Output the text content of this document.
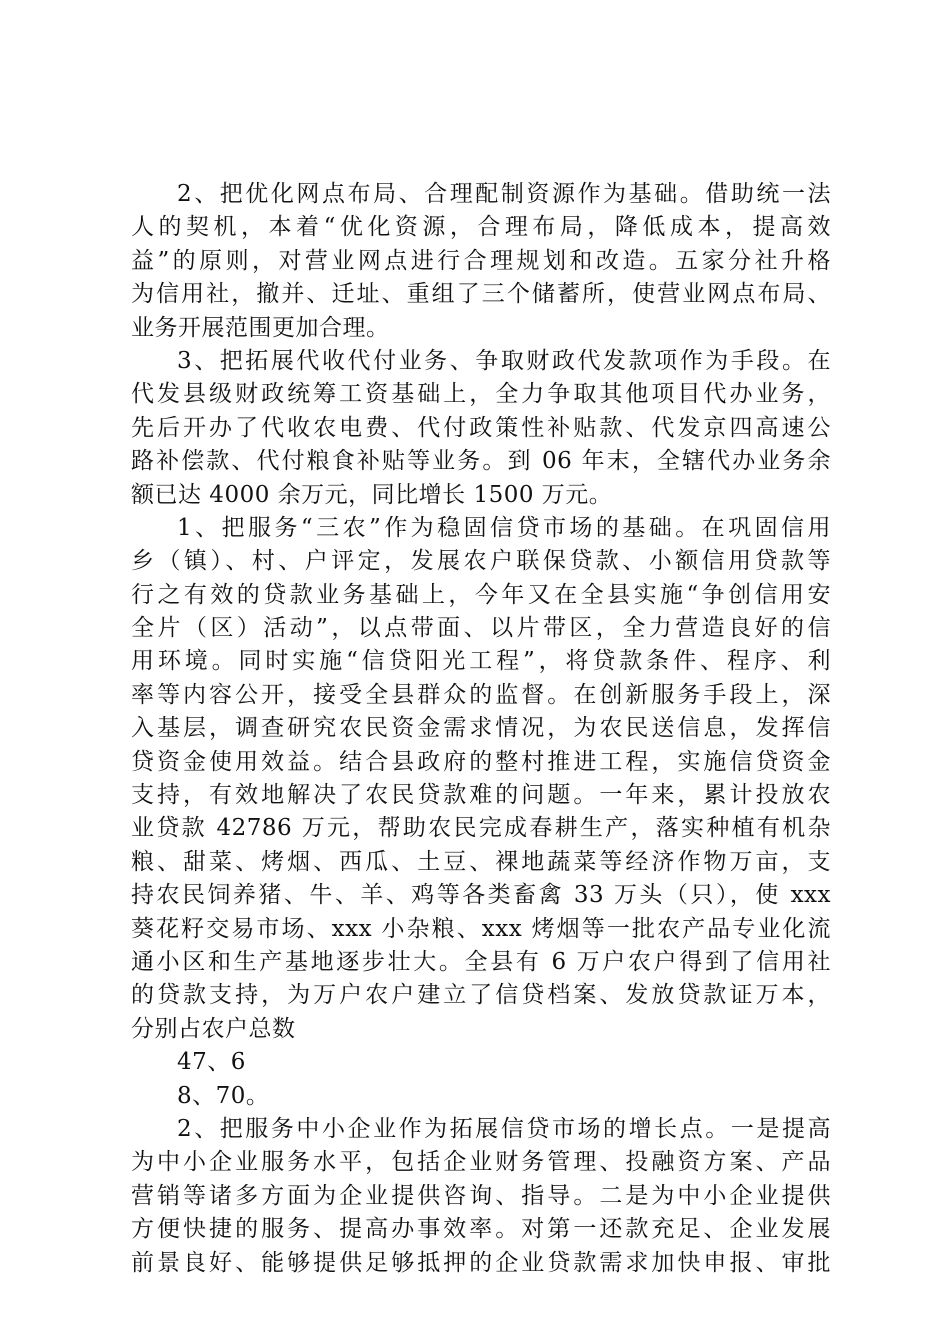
2、把优化网点布局、合理配制资源作为基础。借助统一法
人的契机，本着“优化资源，合理布局，降低成本，提高效
益”的原则，对营业网点进行合理规划和改造。五家分社升格
为信用社，撤并、迁址、重组了三个储蓄所，使营业网点布局、
业务开展范围更加合理。
3、把拓展代收代付业务、争取财政代发款项作为手段。在
代发县级财政统筹工资基础上，全力争取其他项目代办业务，
先后开办了代收农电费、代付政策性补贴款、代发京四高速公
路补偿款、代付粮食补贴等业务。到 06 年末，全辖代办业务余
额已达 4000 余万元，同比增长 1500 万元。
1、把服务“三农”作为稳固信贷市场的基础。在巩固信用
乡（镇）、村、户评定，发展农户联保贷款、小额信用贷款等
行之有效的贷款业务基础上，今年又在全县实施“争创信用安
全片（区）活动”，以点带面、以片带区，全力营造良好的信
用环境。同时实施“信贷阳光工程”，将贷款条件、程序、利
率等内容公开，接受全县群众的监督。在创新服务手段上，深
入基层，调查研究农民资金需求情况，为农民送信息，发挥信
贷资金使用效益。结合县政府的整村推进工程，实施信贷资金
支持，有效地解决了农民贷款难的问题。一年来，累计投放农
业贷款 42786 万元，帮助农民完成春耕生产，落实种植有机杂
粮、甜菜、烤烟、西瓜、土豆、裸地蔬菜等经济作物万亩，支
持农民饲养猪、牛、羊、鸡等各类畜禽 33 万头（只），使 xxx
葵花籽交易市场、xxx 小杂粮、xxx 烤烟等一批农产品专业化流
通小区和生产基地逐步壮大。全县有 6 万户农户得到了信用社
的贷款支持，为万户农户建立了信贷档案、发放贷款证万本，
分别占农户总数
47、6
8、70。
2、把服务中小企业作为拓展信贷市场的增长点。一是提高
为中小企业服务水平，包括企业财务管理、投融资方案、产品
营销等诸多方面为企业提供咨询、指导。二是为中小企业提供
方便快捷的服务、提高办事效率。对第一还款充足、企业发展
前景良好、能够提供足够抵押的企业贷款需求加快申报、审批
